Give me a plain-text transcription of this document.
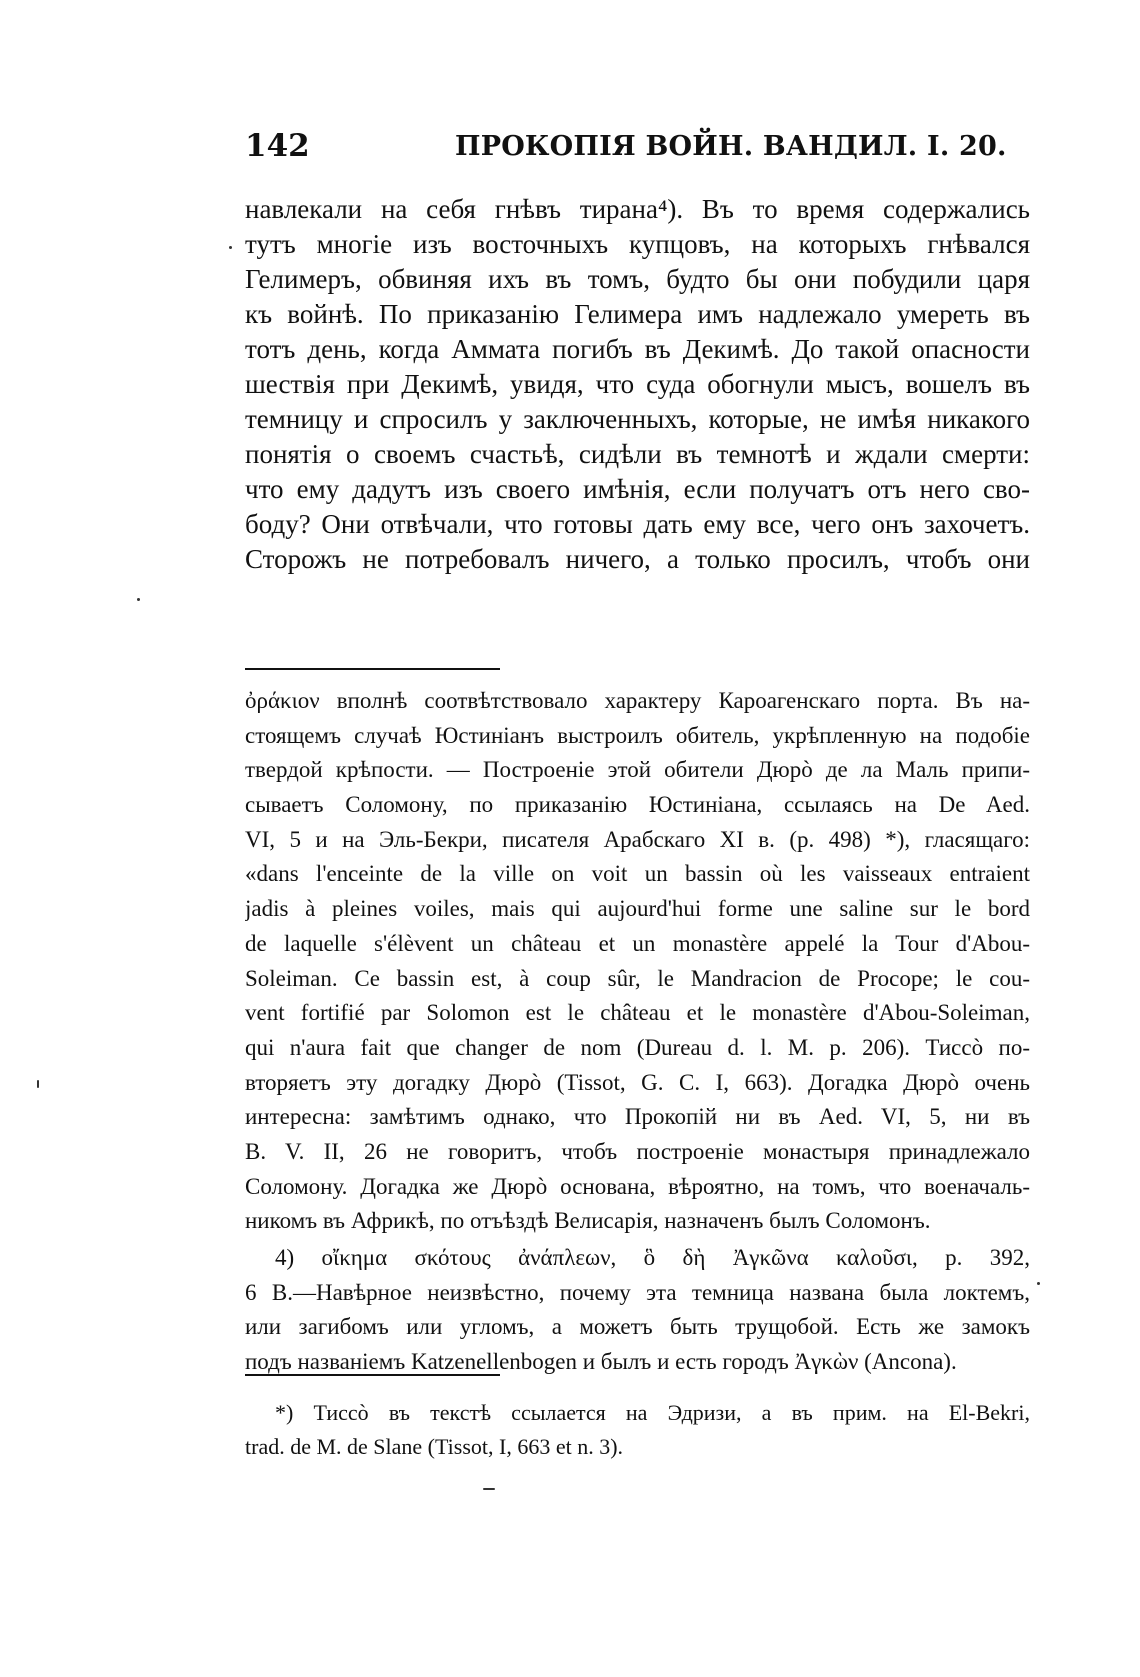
142	ПРОКОПІЯ ВОЙН. ВАНДИЛ. I. 20.
навлекали на себя гнѣвъ тирана⁴). Въ то время содержались
тутъ многіе изъ восточныхъ купцовъ, на которыхъ гнѣвался
Гелимеръ, обвиняя ихъ въ томъ, будто бы они побудили царя
къ войнѣ. По приказанію Гелимера имъ надлежало умереть въ
тотъ день, когда Аммата погибъ въ Декимѣ. До такой опасности
шествія при Декимѣ, увидя, что суда обогнули мысъ, вошелъ въ
темницу и спросилъ у заключенныхъ, которые, не имѣя никакого
понятія о своемъ счастьѣ, сидѣли въ темнотѣ и ждали смерти:
что ему дадутъ изъ своего имѣнія, если получатъ отъ него сво-
боду? Они отвѣчали, что готовы дать ему все, чего онъ захочетъ.
Сторожъ не потребовалъ ничего, а только просилъ, чтобъ они
ὀράκιον вполнѣ соотвѣтствовало характеру Кароагенскаго порта. Въ на-
стоящемъ случаѣ Юстиніанъ выстроилъ обитель, укрѣпленную на подобіе
твердой крѣпости. — Построеніе этой обители Дюрò де ла Маль припи-
сываетъ Соломону, по приказанію Юстиніана, ссылаясь на De Aed.
VI, 5 и на Эль-Бекри, писателя Арабскаго XI в. (p. 498) *), гласящаго:
«dans l'enceinte de la ville on voit un bassin où les vaisseaux entraient
jadis à pleines voiles, mais qui aujourd'hui forme une saline sur le bord
de laquelle s'élèvent un château et un monastère appelé la Tour d'Abou-
Soleiman. Ce bassin est, à coup sûr, le Mandracion de Procope; le cou-
vent fortifié par Solomon est le château et le monastère d'Abou-Soleiman,
qui n'aura fait que changer de nom (Dureau d. l. M. p. 206). Тиссò по-
вторяетъ эту догадку Дюрò (Tissot, G. C. I, 663). Догадка Дюрò очень
интересна: замѣтимъ однако, что Прокопій ни въ Aed. VI, 5, ни въ
B. V. II, 26 не говоритъ, чтобъ построеніе монастыря принадлежало
Соломону. Догадка же Дюрò основана, вѣроятно, на томъ, что военачаль-
никомъ въ Африкѣ, по отъѣздѣ Велисарія, назначенъ былъ Соломонъ.
4) οἴκημα σκότους ἀνάπλεων, ὃ δὴ Ἀγκῶνα καλοῦσι, p. 392,
6 B.—Навѣрное неизвѣстно, почему эта темница названа была локтемъ,
или загибомъ или угломъ, а можетъ быть трущобой. Есть же замокъ
подъ названіемъ Katzenellenbogen и былъ и есть городъ Ἀγκὼν (Ancona).
*) Тиссò въ текстѣ ссылается на Эдризи, а въ прим. на El-Bekri,
trad. de M. de Slane (Tissot, I, 663 et n. 3).
